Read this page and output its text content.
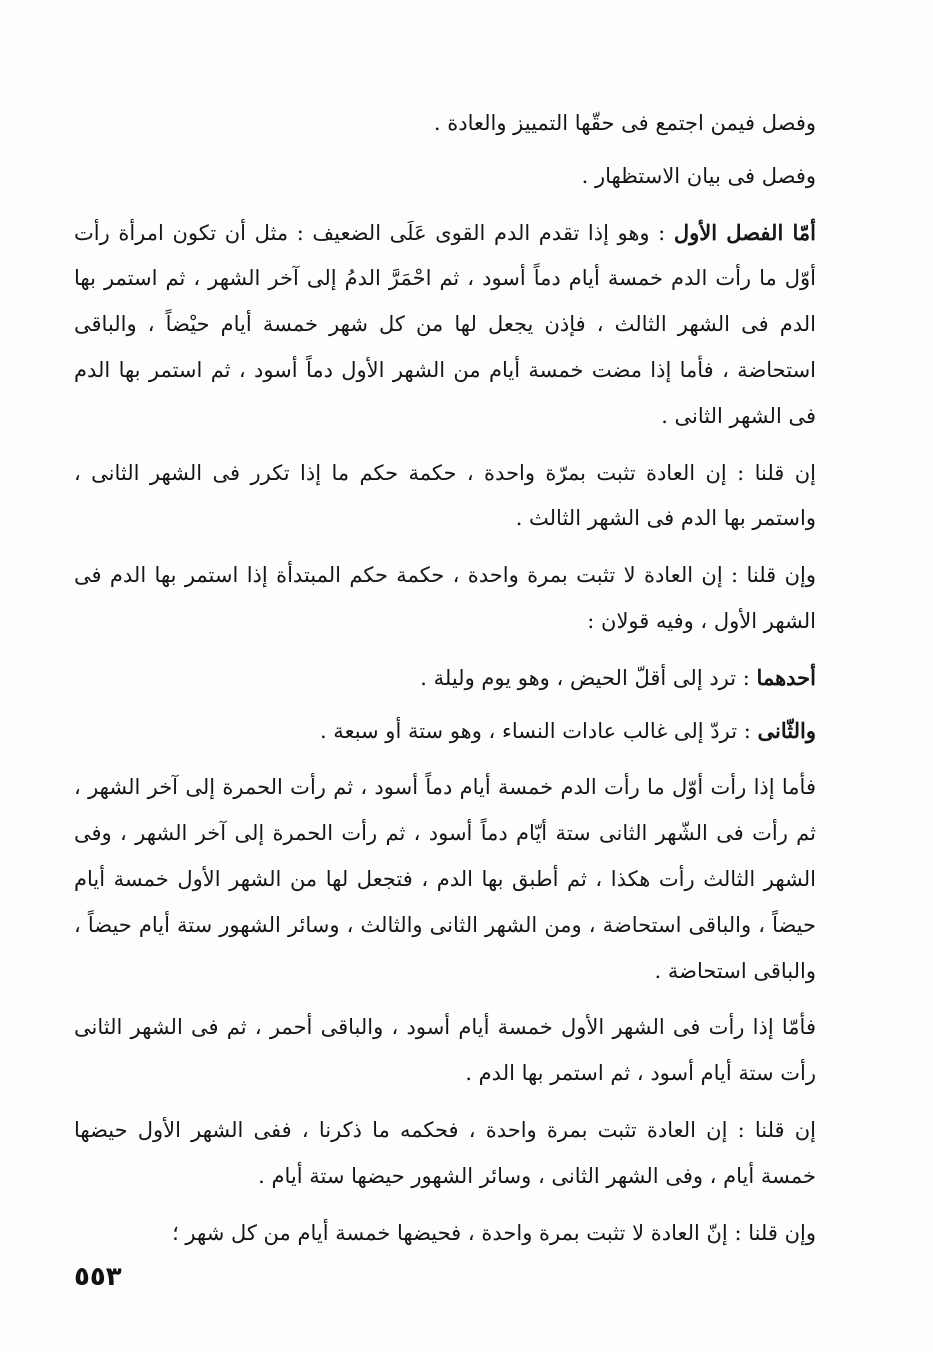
وفصل فيمن اجتمع فى حقّها التمييز والعادة .

وفصل فى بيان الاستظهار .

أمّا الفصل الأول : وهو إذا تقدم الدم القوى عَلَى الضعيف : مثل أن تكون امرأة رأت أوّل ما رأت الدم خمسة أيام دماً أسود ، ثم احْمَرَّ الدمُ إلى آخر الشهر ، ثم استمر بها الدم فى الشهر الثالث ، فإذن يجعل لها من كل شهر خمسة أيام حيْضاً ، والباقى استحاضة ، فأما إذا مضت خمسة أيام من الشهر الأول دماً أسود ، ثم استمر بها الدم فى الشهر الثانى .

إن قلنا : إن العادة تثبت بمرّة واحدة ، حكمة حكم ما إذا تكرر فى الشهر الثانى ، واستمر بها الدم فى الشهر الثالث .

وإن قلنا : إن العادة لا تثبت بمرة واحدة ، حكمة حكم المبتدأة إذا استمر بها الدم فى الشهر الأول ، وفيه قولان :

أحدهما : ترد إلى أقلّ الحيض ، وهو يوم وليلة .

والثّانى : تردّ إلى غالب عادات النساء ، وهو ستة أو سبعة .

فأما إذا رأت أوّل ما رأت الدم خمسة أيام دماً أسود ، ثم رأت الحمرة إلى آخر الشهر ، ثم رأت فى الشّهر الثانى ستة أيّام دماً أسود ، ثم رأت الحمرة إلى آخر الشهر ، وفى الشهر الثالث رأت هكذا ، ثم أطبق بها الدم ، فتجعل لها من الشهر الأول خمسة أيام حيضاً ، والباقى استحاضة ، ومن الشهر الثانى والثالث ، وسائر الشهور ستة أيام حيضاً ، والباقى استحاضة .

فأمّا إذا رأت فى الشهر الأول خمسة أيام أسود ، والباقى أحمر ، ثم فى الشهر الثانى رأت ستة أيام أسود ، ثم استمر بها الدم .

إن قلنا : إن العادة تثبت بمرة واحدة ، فحكمه ما ذكرنا ، ففى الشهر الأول حيضها خمسة أيام ، وفى الشهر الثانى ، وسائر الشهور حيضها ستة أيام .

وإن قلنا : إنّ العادة لا تثبت بمرة واحدة ، فحيضها خمسة أيام من كل شهر ؛

٥٥٣
